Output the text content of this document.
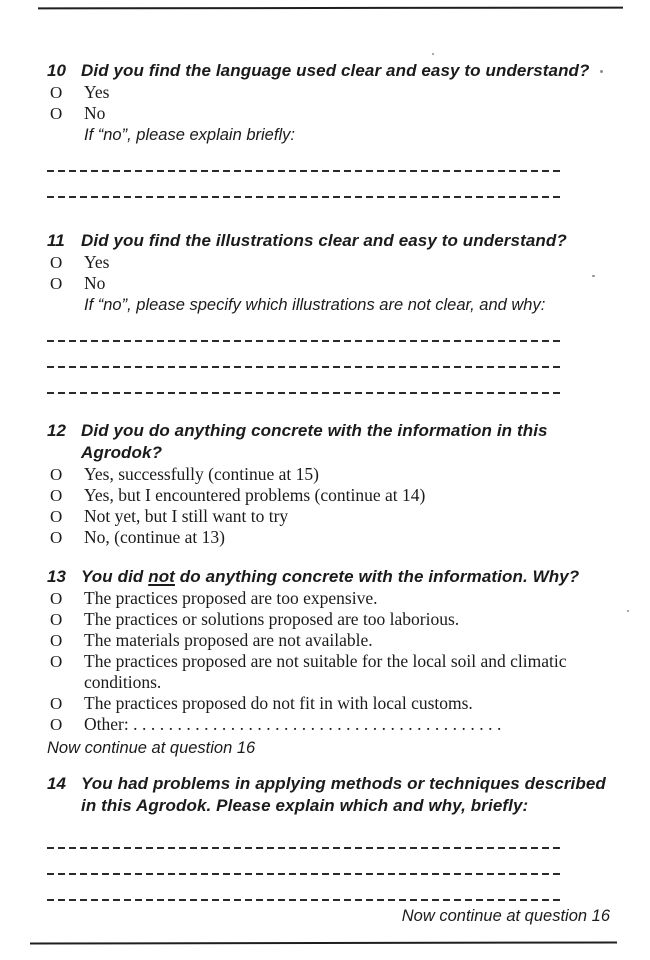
10 Did you find the language used clear and easy to understand?
O	Yes
O	No
If “no”, please explain briefly:
11 Did you find the illustrations clear and easy to understand?
O	Yes
O	No
If “no”, please specify which illustrations are not clear, and why:
12 Did you do anything concrete with the information in this Agrodok?
O	Yes, successfully (continue at 15)
O	Yes, but I encountered problems (continue at 14)
O	Not yet, but I still want to try
O	No, (continue at 13)
13 You did not do anything concrete with the information. Why?
O	The practices proposed are too expensive.
O	The practices or solutions proposed are too laborious.
O	The materials proposed are not available.
O	The practices proposed are not suitable for the local soil and climatic conditions.
O	The practices proposed do not fit in with local customs.
O	Other: ..........................................
Now continue at question 16
14 You had problems in applying methods or techniques described in this Agrodok. Please explain which and why, briefly:
Now continue at question 16
